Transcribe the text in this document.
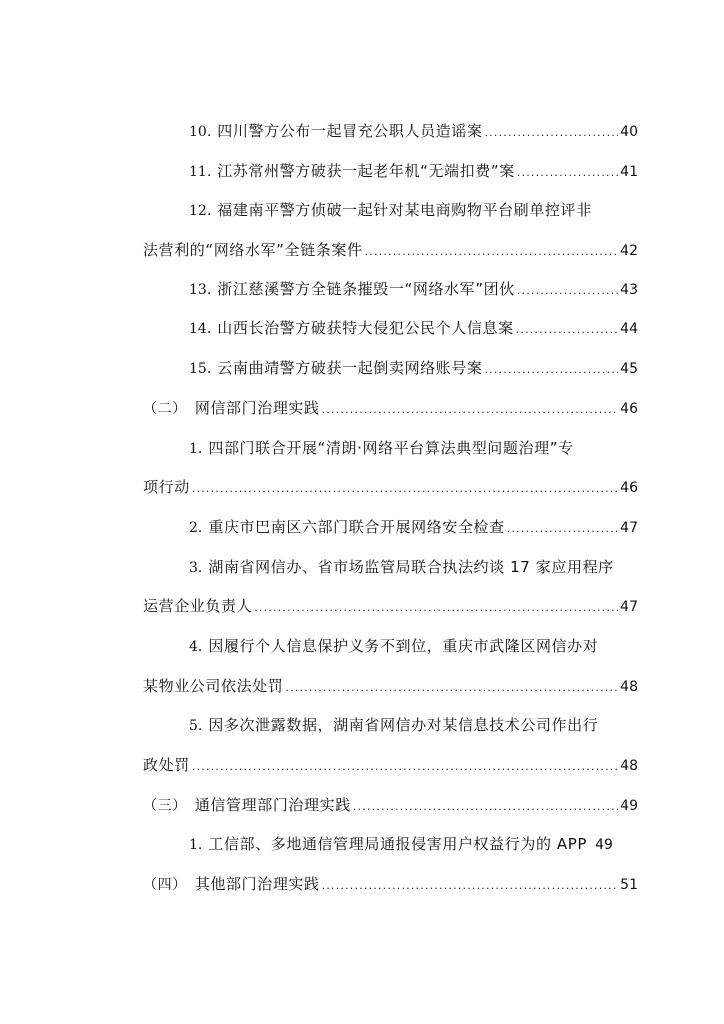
10. 四川警方公布一起冒充公职人员造谣案 .....	40
11. 江苏常州警方破获一起老年机“无端扣费”案 .....	41
12. 福建南平警方侦破一起针对某电商购物平台刷单控评非
法营利的“网络水军”全链条案件 .....	42
13. 浙江慈溪警方全链条摧毁一“网络水军”团伙 .....	43
14. 山西长治警方破获特大侵犯公民个人信息案 .....	44
15. 云南曲靖警方破获一起倒卖网络账号案 .....	45
（二） 网信部门治理实践 .....	46
1. 四部门联合开展“清朗·网络平台算法典型问题治理”专
项行动 .....	46
2. 重庆市巴南区六部门联合开展网络安全检查 .....	47
3. 湖南省网信办、省市场监管局联合执法约谈 17 家应用程序
运营企业负责人 .....	47
4. 因履行个人信息保护义务不到位，重庆市武隆区网信办对
某物业公司依法处罚 .....	48
5. 因多次泄露数据，湖南省网信办对某信息技术公司作出行
政处罚 .....	48
（三） 通信管理部门治理实践 .....	49
1. 工信部、多地通信管理局通报侵害用户权益行为的 APP 49
（四） 其他部门治理实践 .....	51
